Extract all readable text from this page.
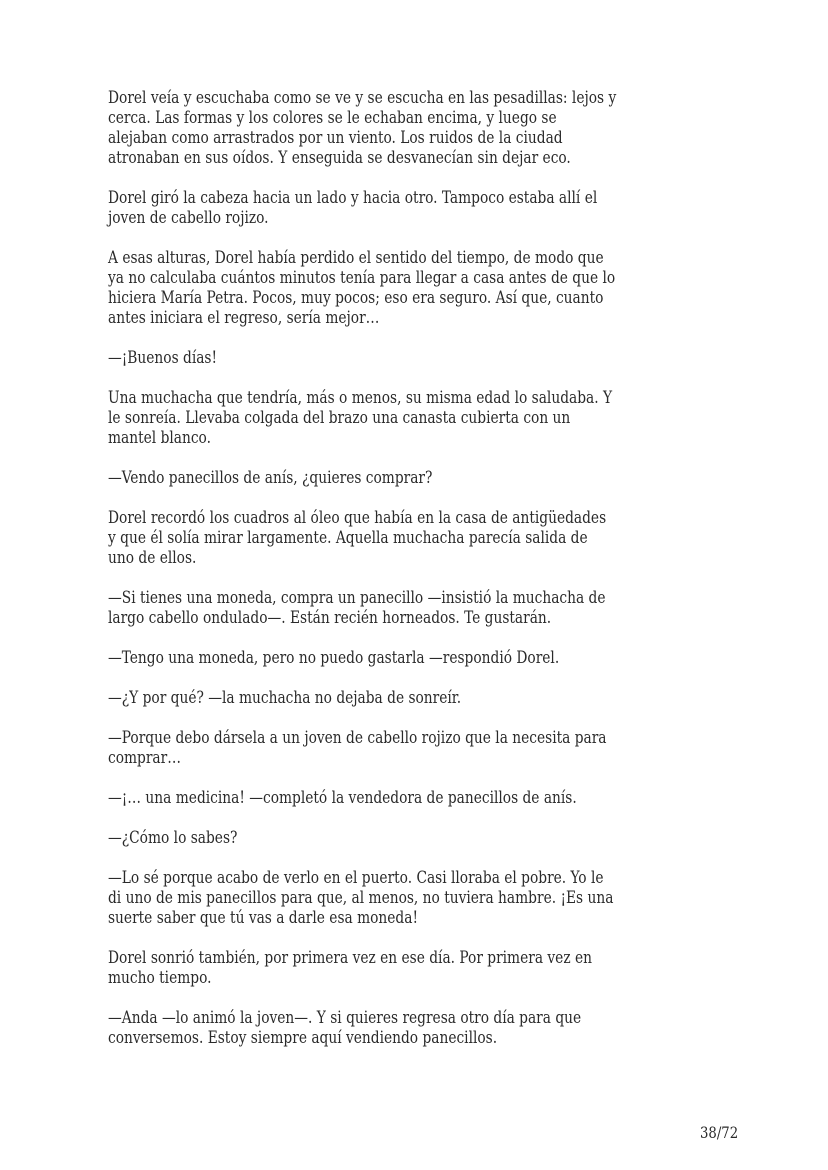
Dorel veía y escuchaba como se ve y se escucha en las pesadillas: lejos y
cerca. Las formas y los colores se le echaban encima, y luego se
alejaban como arrastrados por un viento. Los ruidos de la ciudad
atronaban en sus oídos. Y enseguida se desvanecían sin dejar eco.
Dorel giró la cabeza hacia un lado y hacia otro. Tampoco estaba allí el
joven de cabello rojizo.
A esas alturas, Dorel había perdido el sentido del tiempo, de modo que
ya no calculaba cuántos minutos tenía para llegar a casa antes de que lo
hiciera María Petra. Pocos, muy pocos; eso era seguro. Así que, cuanto
antes iniciara el regreso, sería mejor…
—¡Buenos días!
Una muchacha que tendría, más o menos, su misma edad lo saludaba. Y
le sonreía. Llevaba colgada del brazo una canasta cubierta con un
mantel blanco.
—Vendo panecillos de anís, ¿quieres comprar?
Dorel recordó los cuadros al óleo que había en la casa de antigüedades
y que él solía mirar largamente. Aquella muchacha parecía salida de
uno de ellos.
—Si tienes una moneda, compra un panecillo —insistió la muchacha de
largo cabello ondulado—. Están recién horneados. Te gustarán.
—Tengo una moneda, pero no puedo gastarla —respondió Dorel.
—¿Y por qué? —la muchacha no dejaba de sonreír.
—Porque debo dársela a un joven de cabello rojizo que la necesita para
comprar…
—¡… una medicina! —completó la vendedora de panecillos de anís.
—¿Cómo lo sabes?
—Lo sé porque acabo de verlo en el puerto. Casi lloraba el pobre. Yo le
di uno de mis panecillos para que, al menos, no tuviera hambre. ¡Es una
suerte saber que tú vas a darle esa moneda!
Dorel sonrió también, por primera vez en ese día. Por primera vez en
mucho tiempo.
—Anda —lo animó la joven—. Y si quieres regresa otro día para que
conversemos. Estoy siempre aquí vendiendo panecillos.
38/72
